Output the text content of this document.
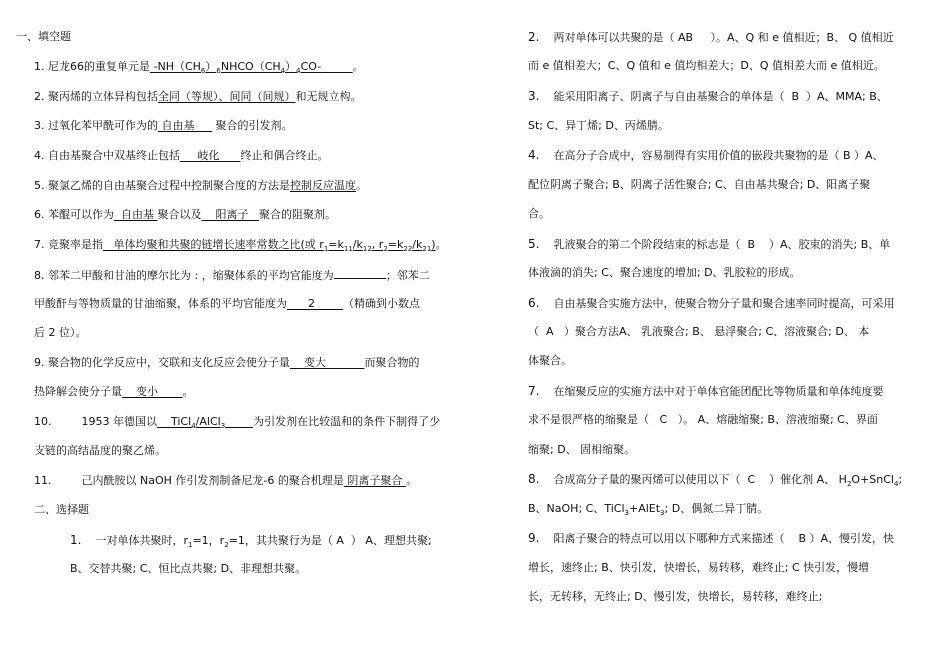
一、填空题
1. 尼龙66的重复单元是 $-NH(CH_6)_6NHCO(CH_4)_4CO-$	。
2. 聚丙烯的立体异构包括全同（等规）、间同（间规）和无规立构。
3. 过氧化苯甲酰可作为的 自由基 聚合的引发剂。
4. 自由基聚合中双基终止包括 岐化 终止和偶合终止。
5. 聚氯乙烯的自由基聚合过程中控制聚合度的方法是控制反应温度。
6. 苯醌可以作为 自由基 聚合以及 阳离子 聚合的阻聚剂。
7. 竞聚率是指 单体均聚和共聚的链增长速率常数之比(或 $r_1=k_{11}/k_{12}$, $r_2=k_{22}/k_{21}$)。
8. 邻苯二甲酸和甘油的摩尔比为 : ，缩聚体系的平均官能度为	；邻苯二
甲酸酐与等物质量的甘油缩聚，体系的平均官能度为 2	（精确到小数点
后 2 位）。
9. 聚合物的化学反应中，交联和支化反应会使分子量 变大	而聚合物的
热降解会使分子量 变小 。
10.	1953 年德国以 TiCl$_4$/AlCl$_3$	为引发剂在比较温和的条件下制得了少
支链的高结晶度的聚乙烯。
11.	己内酰胺以 NaOH 作引发剂制备尼龙-6 的聚合机理是 阴离子聚合 。
二、选择题
1. 一对单体共聚时，$r_1=1$，$r_2=1$，其共聚行为是（ A ） A、理想共聚;
B、交替共聚; C、恒比点共聚; D、非理想共聚。
2. 两对单体可以共聚的是（ AB ）。A、Q 和 e 值相近；B、 Q 值相近
而 e 值相差大；C、Q 值和 e 值均相差大；D、Q 值相差大而 e 值相近。
3. 能采用阳离子、阴离子与自由基聚合的单体是（ B ）A、MMA; B、
St; C、异丁烯; D、丙烯腈。
4. 在高分子合成中，容易制得有实用价值的嵌段共聚物的是（ B ）A、
配位阴离子聚合; B、阴离子活性聚合; C、自由基共聚合; D、阳离子聚
合。
5. 乳液聚合的第二个阶段结束的标志是（ B ）A、胶束的消失; B、单
体液滴的消失; C、聚合速度的增加; D、乳胶粒的形成。
6. 自由基聚合实施方法中，使聚合物分子量和聚合速率同时提高，可采用
（ A ）聚合方法A、 乳液聚合; B、 悬浮聚合; C、溶液聚合; D、 本
体聚合。
7. 在缩聚反应的实施方法中对于单体官能团配比等物质量和单体纯度要
求不是很严格的缩聚是（ C ）。 A、熔融缩聚; B、溶液缩聚; C、界面
缩聚; D、 固相缩聚。
8. 合成高分子量的聚丙烯可以使用以下（ C ）催化剂 A、 $H_2O+SnCl_4$;
B、NaOH; C、TiCl$_3$+AlEt$_3$; D、偶氮二异丁腈。
9. 阳离子聚合的特点可以用以下哪种方式来描述（ B ）A、慢引发，快
增长，速终止; B、快引发，快增长，易转移，难终止; C 快引发，慢增
长，无转移，无终止; D、慢引发，快增长，易转移，难终止;
